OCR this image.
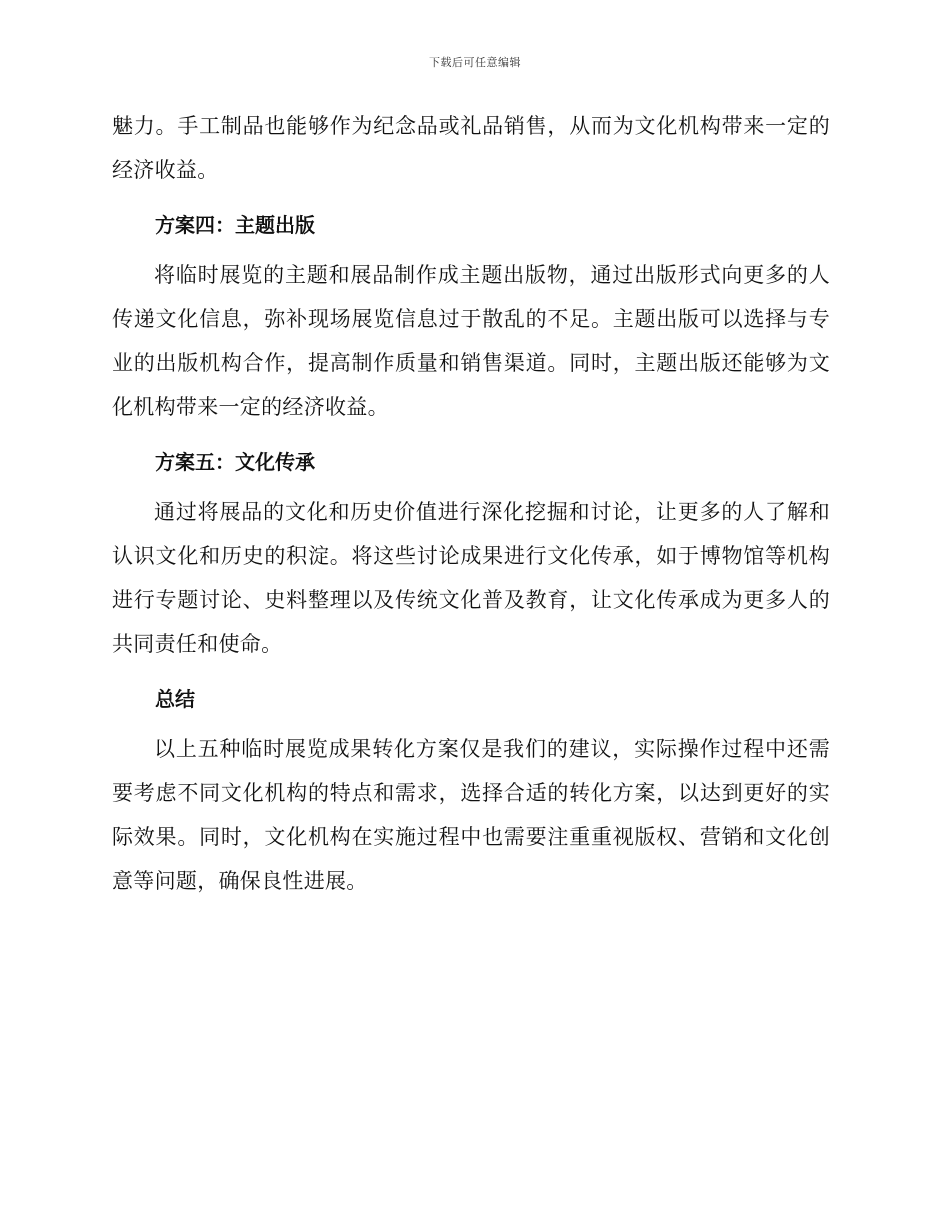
下载后可任意编辑

魅力。手工制品也能够作为纪念品或礼品销售，从而为文化机构带来一定的经济收益。

方案四：主题出版

将临时展览的主题和展品制作成主题出版物，通过出版形式向更多的人传递文化信息，弥补现场展览信息过于散乱的不足。主题出版可以选择与专业的出版机构合作，提高制作质量和销售渠道。同时，主题出版还能够为文化机构带来一定的经济收益。

方案五：文化传承

通过将展品的文化和历史价值进行深化挖掘和讨论，让更多的人了解和认识文化和历史的积淀。将这些讨论成果进行文化传承，如于博物馆等机构进行专题讨论、史料整理以及传统文化普及教育，让文化传承成为更多人的共同责任和使命。

总结

以上五种临时展览成果转化方案仅是我们的建议，实际操作过程中还需要考虑不同文化机构的特点和需求，选择合适的转化方案，以达到更好的实际效果。同时，文化机构在实施过程中也需要注重重视版权、营销和文化创意等问题，确保良性进展。
